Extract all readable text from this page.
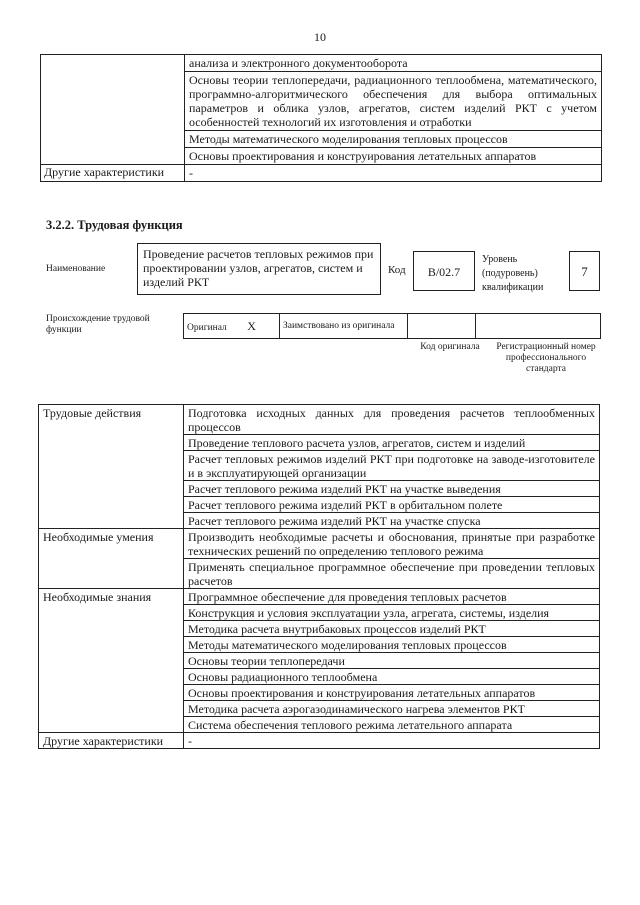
10

	анализа и электронного документооборота

	Основы теории теплопередачи, радиационного теплообмена, математического, программно-алгоритмического обеспечения для выбора оптимальных параметров и облика узлов, агрегатов, систем изделий РКТ с учетом особенностей технологий их изготовления и отработки

	Методы математического моделирования тепловых процессов

	Основы проектирования и конструирования летательных аппаратов

Другие характеристики	-
3.2.2. Трудовая функция
Наименование
Проведение расчетов тепловых режимов при проектировании узлов, агрегатов, систем и изделий РКТ
Код	В/02.7
Уровень (подуровень) квалификации
7
Происхождение трудовой функции	Оригинал X	Заимствовано из оригинала		
Код оригинала Регистрационный номер профессионального стандарта
Трудовые действия	Подготовка исходных данных для проведения расчетов теплообменных процессов

	Проведение теплового расчета узлов, агрегатов, систем и изделий

	Расчет тепловых режимов изделий РКТ при подготовке на заводе-изготовителе и в эксплуатирующей организации

	Расчет теплового режима изделий РКТ на участке выведения

	Расчет теплового режима изделий РКТ в орбитальном полете

	Расчет теплового режима изделий РКТ на участке спуска

Необходимые умения	Производить необходимые расчеты и обоснования, принятые при разработке технических решений по определению теплового режима

	Применять специальное программное обеспечение при проведении тепловых расчетов

Необходимые знания	Программное обеспечение для проведения тепловых расчетов

	Конструкция и условия эксплуатации узла, агрегата, системы, изделия

	Методика расчета внутрибаковых процессов изделий РКТ

	Методы математического моделирования тепловых процессов

	Основы теории теплопередачи

	Основы радиационного теплообмена

	Основы проектирования и конструирования летательных аппаратов

	Методика расчета аэрогазодинамического нагрева элементов РКТ

	Система обеспечения теплового режима летательного аппарата

Другие характеристики	-
